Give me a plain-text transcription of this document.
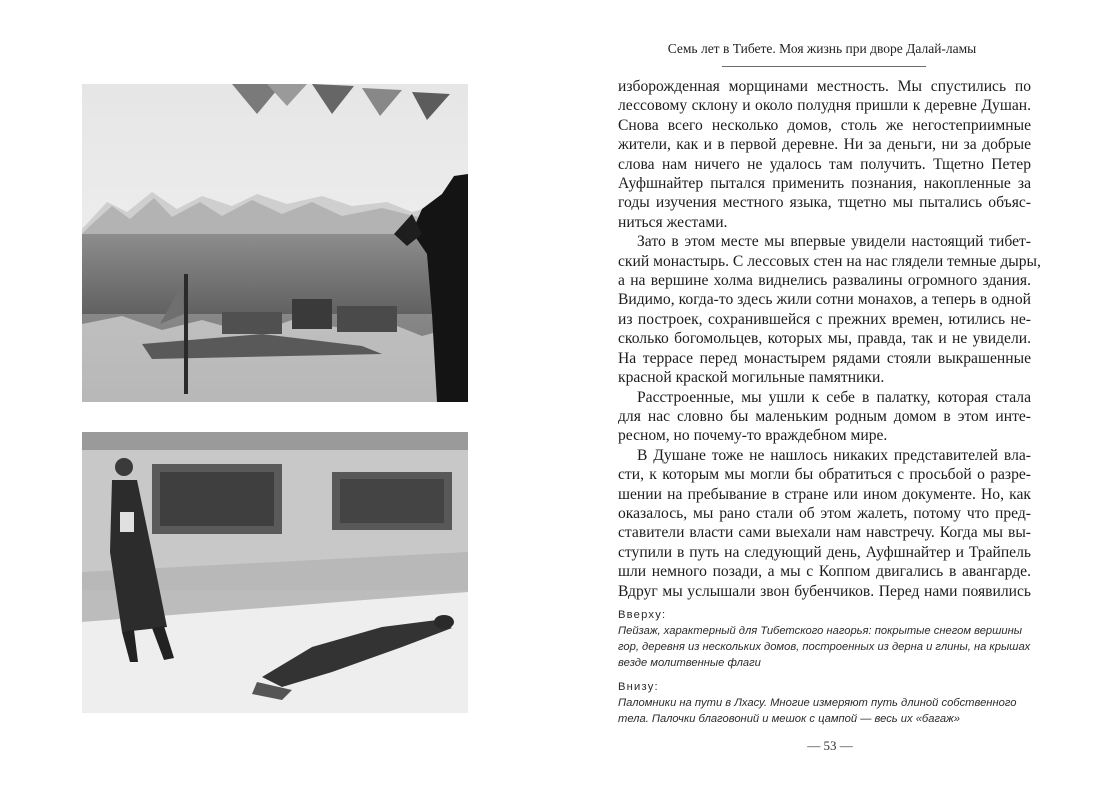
Семь лет в Тибете. Моя жизнь при дворе Далай-ламы
изборожденная морщинами местность. Мы спустились по
лессовому склону и около полудня пришли к деревне Душан.
Снова всего несколько домов, столь же негостеприимные
жители, как и в первой деревне. Ни за деньги, ни за добрые
слова нам ничего не удалось там получить. Тщетно Петер
Ауфшнайтер пытался применить познания, накопленные за
годы изучения местного языка, тщетно мы пытались объяс-
ниться жестами.
Зато в этом месте мы впервые увидели настоящий тибет-
ский монастырь. С лессовых стен на нас глядели темные дыры,
а на вершине холма виднелись развалины огромного здания.
Видимо, когда-то здесь жили сотни монахов, а теперь в одной
из построек, сохранившейся с прежних времен, ютились не-
сколько богомольцев, которых мы, правда, так и не увидели.
На террасе перед монастырем рядами стояли выкрашенные
красной краской могильные памятники.
Расстроенные, мы ушли к себе в палатку, которая стала
для нас словно бы маленьким родным домом в этом инте-
ресном, но почему-то враждебном мире.
В Душане тоже не нашлось никаких представителей вла-
сти, к которым мы могли бы обратиться с просьбой о разре-
шении на пребывание в стране или ином документе. Но, как
оказалось, мы рано стали об этом жалеть, потому что пред-
ставители власти сами выехали нам навстречу. Когда мы вы-
ступили в путь на следующий день, Ауфшнайтер и Трайпель
шли немного позади, а мы с Коппом двигались в авангарде.
Вдруг мы услышали звон бубенчиков. Перед нами появились
Вверху:
Пейзаж, характерный для Тибетского нагорья: покрытые снегом вершины
гор, деревня из нескольких домов, построенных из дерна и глины, на крышах
везде молитвенные флаги
Внизу:
Паломники на пути в Лхасу. Многие измеряют путь длиной собственного
тела. Палочки благовоний и мешок с цампой — весь их «багаж»
— 53 —
